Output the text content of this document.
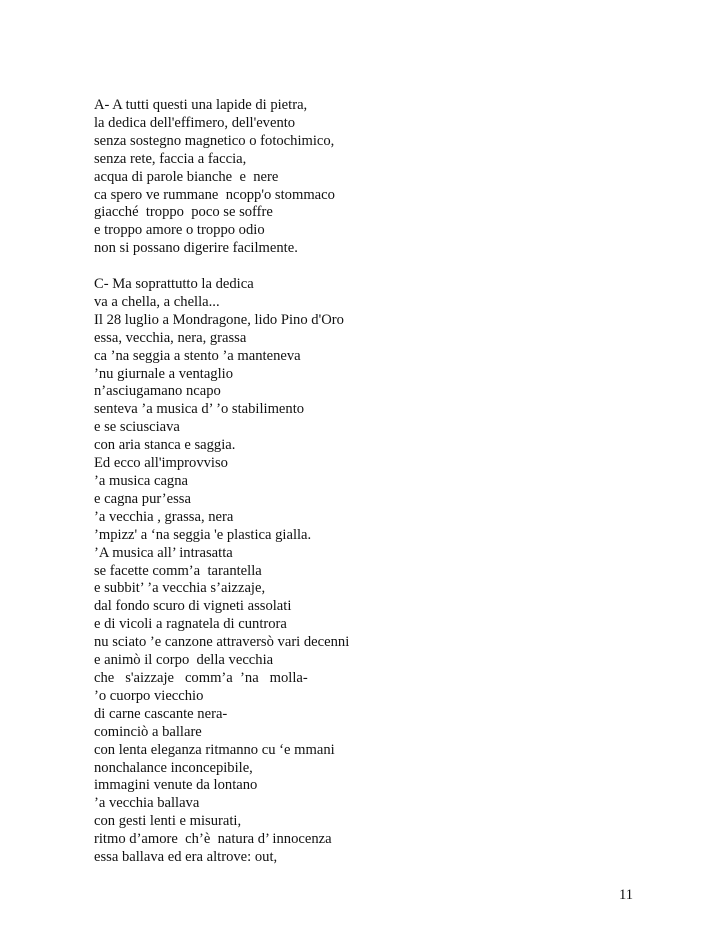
A- A tutti questi una lapide di pietra,
la dedica dell'effimero, dell'evento
senza sostegno magnetico o fotochimico,
senza rete, faccia a faccia,
acqua di parole bianche  e  nere
ca spero ve rummane  ncopp'o stommaco
giacché  troppo  poco se soffre
e troppo amore o troppo odio
non si possano digerire facilmente.
C- Ma soprattutto la dedica
va a chella, a chella...
Il 28 luglio a Mondragone, lido Pino d'Oro
essa, vecchia, nera, grassa
ca ’na seggia a stento ’a manteneva
’nu giurnale a ventaglio
n’asciugamano ncapo
senteva ’a musica d’ ’o stabilimento
e se sciusciava
con aria stanca e saggia.
Ed ecco all'improvviso
’a musica cagna
e cagna pur’essa
’a vecchia , grassa, nera
’mpizz' a ‘na seggia 'e plastica gialla.
’A musica all’ intrasatta
se facette comm’a  tarantella
e subbit’ ’a vecchia s’aizzaje,
dal fondo scuro di vigneti assolati
e di vicoli a ragnatela di cuntrora
nu sciato ’e canzone attraversò vari decenni
e animò il corpo  della vecchia
che   s'aizzaje   comm’a  ’na   molla-
’o cuorpo viecchio
di carne cascante nera-
cominciò a ballare
con lenta eleganza ritmanno cu ‘e mmani
nonchalance inconcepibile,
immagini venute da lontano
’a vecchia ballava
con gesti lenti e misurati,
ritmo d’amore  ch’è  natura d’ innocenza
essa ballava ed era altrove: out,
11
